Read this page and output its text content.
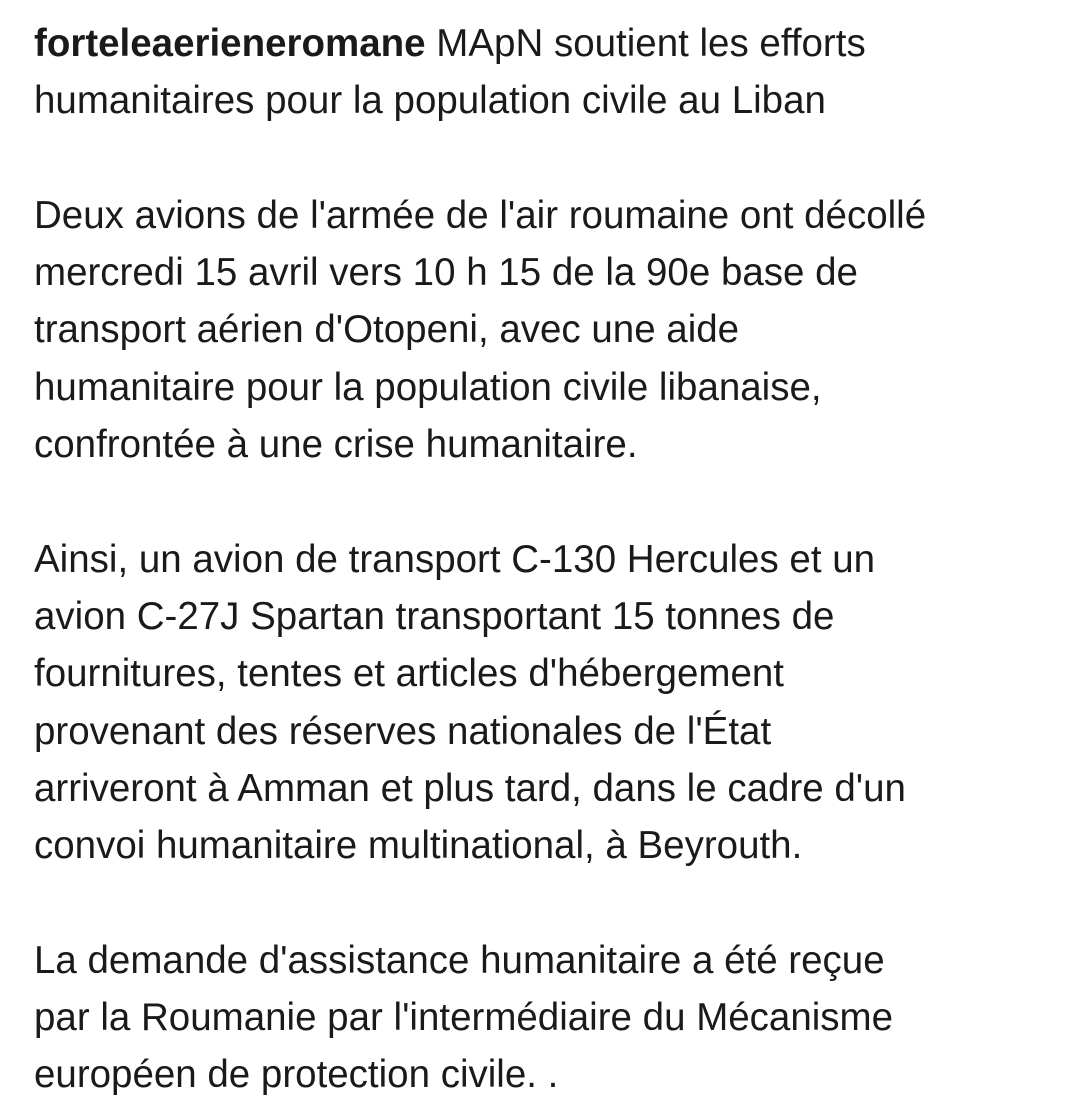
forteleaerieneromane MApN soutient les efforts
humanitaires pour la population civile au Liban

Deux avions de l'armée de l'air roumaine ont décollé
mercredi 15 avril vers 10 h 15 de la 90e base de
transport aérien d'Otopeni, avec une aide
humanitaire pour la population civile libanaise,
confrontée à une crise humanitaire.

Ainsi, un avion de transport C-130 Hercules et un
avion C-27J Spartan transportant 15 tonnes de
fournitures, tentes et articles d'hébergement
provenant des réserves nationales de l'État
arriveront à Amman et plus tard, dans le cadre d'un
convoi humanitaire multinational, à Beyrouth.

La demande d'assistance humanitaire a été reçue
par la Roumanie par l'intermédiaire du Mécanisme
européen de protection civile. .
